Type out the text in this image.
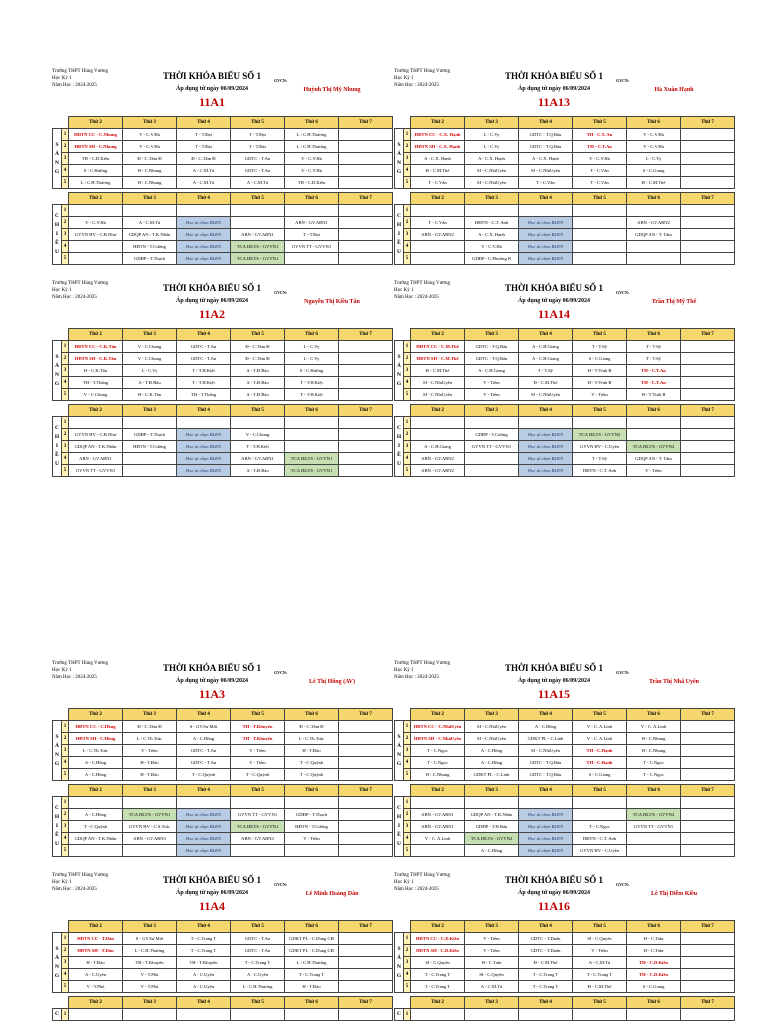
Trường THPT Hùng Vương
Học Kỳ 1
Năm Học : 2024-2025
THỜI KHÓA BIỂU SỐ 1	GVCN:
Áp dụng từ ngày 06/09/2024	Huỳnh Thị Mỹ Nhung
11A1
		Thứ 2	Thứ 3	Thứ 4	Thứ 5	Thứ 6	Thứ 7
S
Á
N
G	1	HĐTN CC - C.Nhung	V - C.V.Hà	T - T.Đạt	T - T.Đạt	L - C.H.Thương	
	2	HĐTN SH - C.Nhung	V - C.V.Hà	T - T.Đạt	T - T.Đạt	L - C.H.Thương	
	3	TH - C.D.Kiều	Đ - C.Tâm Đ	Đ - C.Tâm Đ	GDTC - T.An	V - C.V.Hà	
	4	S - C.Hường	H - C.Nhung	A - C.M.Tú	GDTC - T.An	V - C.V.Hà	
	5	L - C.H.Thương	H - C.Nhung	A - C.M.Tú	A - C.M.Tú	TH - C.D.Kiều	

		Thứ 2	Thứ 3	Thứ 4	Thứ 5	Thứ 6	Thứ 7
C
H
I
Ề
U	1						
	2	V - C.V.Hà	A - C.M.Tú	Học tự chọn BLKN		ABN - GV.ABN1	
	3	GVVN HV - C.B.Như	GDQP AN - T.K.Nhân	Học tự chọn BLKN	ABN - GV.ABN1	T - T.Đạt	
	4		HĐTN - T.Cường	Học tự chọn BLKN	TCA IELTS - GVVN1	GVVN TT - GVVN1	
	5		GDĐP - T.Thạch	Học tự chọn BLKN	TCA IELTS - GVVN1		
Trường THPT Hùng Vương
Học Kỳ 1
Năm Học : 2024-2025
THỜI KHÓA BIỂU SỐ 1	GVCN:
Áp dụng từ ngày 06/09/2024	Hà Xuân Hạnh
11A13
		Thứ 2	Thứ 3	Thứ 4	Thứ 5	Thứ 6	Thứ 7
S
Á
N
G	1	HĐTN CC - C.X. Hạnh	L - C.Vy	GDTC - T.Q.Báu	TH - C.T. An	V - C.V.Hà	
	2	HĐTN SH - C.X. Hạnh	L - C.Vy	GDTC - T.Q.Báu	TH - C.T.An	V - C.V.Hà	
	3	A - C.X. Hạnh	A - C.X. Hạnh	A - C.X. Hạnh	V - C.V.Hà	L - C.Vy	
	4	Đ - C.M.Thế	SI - C.NhiUyên	SI - C.NhiUyên	T - C.Vân	S - C.Giang	
	5	T - C.Vân	SI - C.NhiUyên	T - C.Vân	T - C.Vân	Đ - C.M.Thế	

		Thứ 2	Thứ 3	Thứ 4	Thứ 5	Thứ 6	Thứ 7
C
H
I
Ề
U	1						
	2	T - C.Vân	HĐTN - C.T. Anh	Học tự chọn BLKN		ABN - GV.ABN2	
	3	ABN - GV.ABN2	A - C.X. Hạnh	Học tự chọn BLKN		GDQP AN - T. Tâm	
	4		V - C.V.Hà	Học tự chọn BLKN			
	5		GDĐP - C.Phương B	Học tự chọn BLKN			
Trường THPT Hùng Vương
Học Kỳ 1
Năm Học : 2024-2025
THỜI KHÓA BIỂU SỐ 1	GVCN:
Áp dụng từ ngày 06/09/2024	Nguyễn Thị Kiều Tân
11A2
		Thứ 2	Thứ 3	Thứ 4	Thứ 5	Thứ 6	Thứ 7
S
Á
N
G	1	HĐTN CC - C.K.Tân	V - C.Chung	GDTC - T.An	Đ - C.Tâm Đ	L - C.Vy	
	2	HĐTN SH - C.K.Tân	V - C.Chung	GDTC - T.An	Đ - C.Tâm Đ	L - C.Vy	
	3	H - C.K.Tân	L - C.Vy	T - T.H.Kiệt	A - T.Đ.Báu	S - C.Hường	
	4	TH - T.Thắng	A - T.Đ.Báu	T - T.H.Kiệt	A - T.Đ.Báu	T - T.H.Kiệt	
	5	V - C.Chung	H - C.K.Tân	TH - T.Thắng	A - T.Đ.Báu	T - T.H.Kiệt	

		Thứ 2	Thứ 3	Thứ 4	Thứ 5	Thứ 6	Thứ 7
C
H
I
Ề
U	1						
	2	GVVN HV - C.B.Như	GDĐP - T.Thạch	Học tự chọn BLKN	V - C.Chung		
	3	GDQP AN - T.K.Nhân	HĐTN - T.Cường	Học tự chọn BLKN	T - T.H.Kiệt		
	4	ABN - GV.ABN1		Học tự chọn BLKN	ABN - GV.ABN1	TCA IELTS - GVVN1	
	5	GVVN TT - GVVN1		Học tự chọn BLKN	A - T.Đ.Báu	TCA IELTS - GVVN1	
Trường THPT Hùng Vương
Học Kỳ 1
Năm Học : 2024-2025
THỜI KHÓA BIỂU SỐ 1	GVCN:
Áp dụng từ ngày 06/09/2024	Trần Thị Mỹ Thế
11A14
		Thứ 2	Thứ 3	Thứ 4	Thứ 5	Thứ 6	Thứ 7
S
Á
N
G	1	HĐTN CC - C.M.Thế	GDTC - T.Q.Báu	A - C.H.Giang	T - T.Sỹ	T - T.Sỹ	
	2	HĐTN SH - C.M.Thế	GDTC - T.Q.Báu	A - C.H.Giang	S - C.Giang	T - T.Sỹ	
	3	Đ - C.M.Thế	A - C.H.Giang	T - T.Sỹ	H - T.Vinh B	TH - C.T.An	
	4	SI - C.NhiUyên	V - Tiểm	Đ - C.M.Thế	H - T.Vinh B	TH - C.T.An	
	5	SI - C.NhiUyên	V - Tiểm	SI - C.NhiUyên	V - Tiểm	H - T.Vinh B	

		Thứ 2	Thứ 3	Thứ 4	Thứ 5	Thứ 6	Thứ 7
C
H
I
Ề
U	1						
	2		GDĐP - T.Cường	Học tự chọn BLKN	TCA IELTS - GVVN2		
	3	A - C.H.Giang	GVVN TT - GVVN1	Học tự chọn BLKN	GVVN HV - C.Uyên	TCA IELTS - GVVN2	
	4	ABN - GV.ABN2		Học tự chọn BLKN	T - T.Sỹ	GDQP AN - T. Tâm	
	5	ABN - GV.ABN2		Học tự chọn BLKN	HĐTN - C.T. Anh	V - Tiểm	
Trường THPT Hùng Vương
Học Kỳ 1
Năm Học : 2024-2025
THỜI KHÓA BIỂU SỐ 1	GVCN:
Áp dụng từ ngày 06/09/2024	Lê Thị Hồng (AV)
11A3
		Thứ 2	Thứ 3	Thứ 4	Thứ 5	Thứ 6	Thứ 7
S
Á
N
G	1	HĐTN CC - C.Hồng	Đ - C.Tâm Đ	S - GV.Sư Mới	TH - T.Khuyến	Đ - C.Tâm Đ	
	2	HĐTN SH - C.Hồng	L - C.Th.Trúc	A - C.Hồng	TH - T.Khuyến	L - C.Th.Trúc	
	3	L - C.Th.Trúc	V - Tiểm	GDTC - T.An	V - Tiểm	H - T.Đào	
	4	A - C.Hồng	H - T.Đào	GDTC - T.An	V - Tiểm	T - C.Quỳnh	
	5	A - C.Hồng	H - T.Đào	T - C.Quỳnh	T - C.Quỳnh	T - C.Quỳnh	

		Thứ 2	Thứ 3	Thứ 4	Thứ 5	Thứ 6	Thứ 7
C
H
I
Ề
U	1						
	2	A - C.Hồng	TCA IELTS - GVVN1	Học tự chọn BLKN	GVVN TT - GVVN1	GDĐP - T.Thạch	
	3	T - C.Quỳnh	GVVN HV - C.S.Trúc	Học tự chọn BLKN	TCA IELTS - GVVN1	HĐTN - T.Cường	
	4	GDQP AN - T.K.Nhân	ABN - GV.ABN3	Học tự chọn BLKN	ABN - GV.ABN3	V - Tiểm	
	5			Học tự chọn BLKN			
Trường THPT Hùng Vương
Học Kỳ 1
Năm Học : 2024-2025
THỜI KHÓA BIỂU SỐ 1	GVCN:
Áp dụng từ ngày 06/09/2024	Trần Thị Nhã Uyên
11A15
		Thứ 2	Thứ 3	Thứ 4	Thứ 5	Thứ 6	Thứ 7
S
Á
N
G	1	HĐTN CC - C.NhãUyên	SI - C.NhiUyên	A - C.Hồng	V - C. A.Linh	V - C. A.Linh	
	2	HĐTN SH - C.NhãUyên	SI - C.NhiUyên	GDKT PL - C.Linh	V - C. A.Linh	H - C.Nhung	
	3	T - C.Ngọc	A - C.Hồng	SI - C.NhiUyên	TH - C.Hạnh	H - C.Nhung	
	4	T - C.Ngọc	A - C.Hồng	GDTC - T.Q.Báu	TH - C.Hạnh	T - C.Ngọc	
	5	H - C.Nhung	GDKT PL - C.Linh	GDTC - T.Q.Báu	S - C.Giang	T - C.Ngọc	

		Thứ 2	Thứ 3	Thứ 4	Thứ 5	Thứ 6	Thứ 7
C
H
I
Ề
U	1						
	2	ABN - GV.ABN1	GDQP AN - T.K.Nhân	Học tự chọn BLKN		TCA IELTS - GVVN2	
	3	ABN - GV.ABN1	GDĐP - T.H.Báu	Học tự chọn BLKN	T - C.Ngọc	GVVN TT - GVVN1	
	4	V - C. A.Linh	TCA IELTS - GVVN2	Học tự chọn BLKN	HĐTN - C.T. Anh		
	5		A - C.Hồng	Học tự chọn BLKN	GVVN HV - C.Uyên		
Trường THPT Hùng Vương
Học Kỳ 1
Năm Học : 2024-2025
THỜI KHÓA BIỂU SỐ 1	GVCN:
Áp dụng từ ngày 06/09/2024	Lê Minh Hoàng Dân
11A4
		Thứ 2	Thứ 3	Thứ 4	Thứ 5	Thứ 6	Thứ 7
S
Á
N
G	1	HĐTN CC - T.Dân	S - GV.Sư Mới	T - C.Trang T	GDTC - T.An	GDKT PL - C.Dung CĐ	
	2	HĐTN SH - T.Dân	L - C.H.Thương	T - C.Trang T	GDTC - T.An	GDKT PL - C.Dung CĐ	
	3	H - T.Đào	TH - T.Khuyến	TH - T.Khuyến	T - C.Trang T	L - C.H.Thương	
	4	A - C.Uyên	V - T.Phú	A - C.Uyên	A - C.Uyên	T - C.Trang T	
	5	V - T.Phú	V - T.Phú	A - C.Uyên	L - C.H.Thương	H - T.Đào	

		Thứ 2	Thứ 3	Thứ 4	Thứ 5	Thứ 6	Thứ 7
C	1						
Trường THPT Hùng Vương
Học Kỳ 1
Năm Học : 2024-2025
THỜI KHÓA BIỂU SỐ 1	GVCN:
Áp dụng từ ngày 06/09/2024	Lê Thị Diễm Kiều
11A16
		Thứ 2	Thứ 3	Thứ 4	Thứ 5	Thứ 6	Thứ 7
S
Á
N
G	1	HĐTN CC - C.D.Kiều	V - Tiểm	GDTC - T.Duẩn	SI - C.Quyên	H - C.Trân	
	2	HĐTN SH - C.D.Kiều	V - Tiểm	GDTC - T.Duẩn	V - Tiểm	H - C.Trân	
	3	SI - C.Quyên	H - C.Trân	Đ - C.M.Thế	A - C.M.Tú	TH - C.D.Kiều	
	4	T - C.Trang T	SI - C.Quyên	T - C.Trang T	T - C.Trang T	TH - C.D.Kiều	
	5	T - C.Trang T	A - C.M.Tú	T - C.Trang T	Đ - C.M.Thế	S - C.Giang	

		Thứ 2	Thứ 3	Thứ 4	Thứ 5	Thứ 6	Thứ 7
C	1						
